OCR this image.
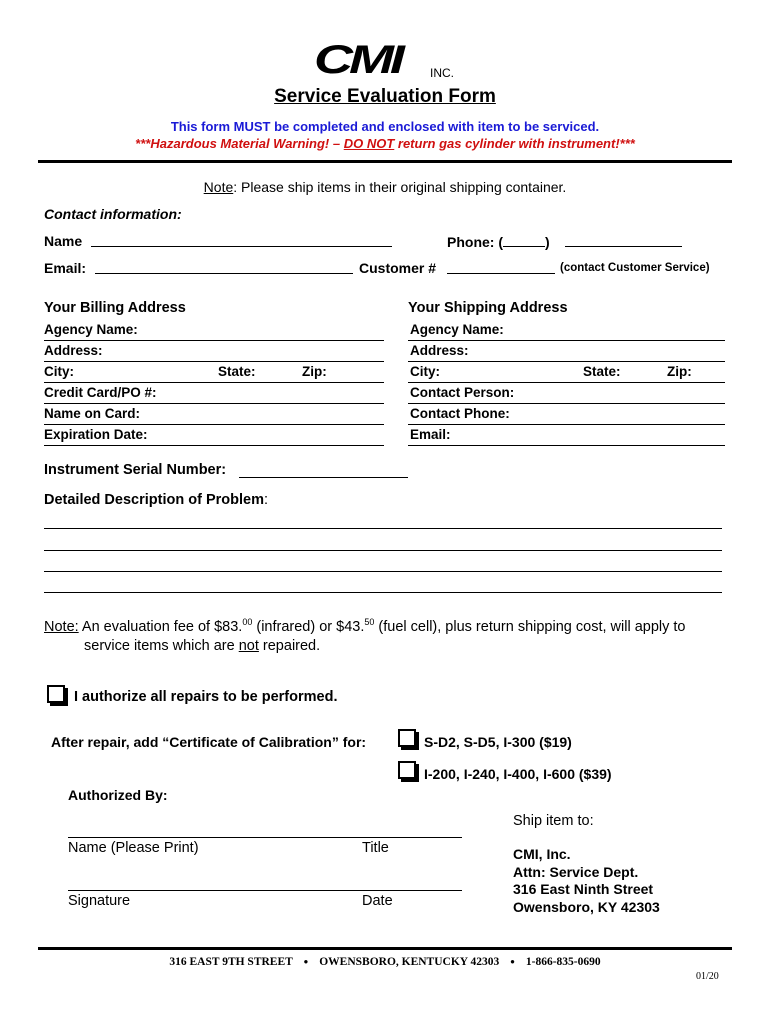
CMI INC.
Service Evaluation Form
This form MUST be completed and enclosed with item to be serviced.
***Hazardous Material Warning! – DO NOT return gas cylinder with instrument!***
Note: Please ship items in their original shipping container.
Contact information:
Name	Phone: (	)
Email:	Customer #	(contact Customer Service)
Your Billing Address
Agency Name:
Address:
City:	State:	Zip:
Credit Card/PO #:
Name on Card:
Expiration Date:
Your Shipping Address
Agency Name:
Address:
City:	State:	Zip:
Contact Person:
Contact Phone:
Email:
Instrument Serial Number:
Detailed Description of Problem:
Note: An evaluation fee of $83.00 (infrared) or $43.50 (fuel cell), plus return shipping cost, will apply to
service items which are not repaired.
I authorize all repairs to be performed.
After repair, add “Certificate of Calibration” for:	S-D2, S-D5, I-300 ($19)
I-200, I-240, I-400, I-600 ($39)
Authorized By:
Name (Please Print)	Title
Signature	Date
Ship item to:
CMI, Inc.
Attn: Service Dept.
316 East Ninth Street
Owensboro, KY 42303
316 EAST 9TH STREET ● OWENSBORO, KENTUCKY 42303 ● 1-866-835-0690
01/20
